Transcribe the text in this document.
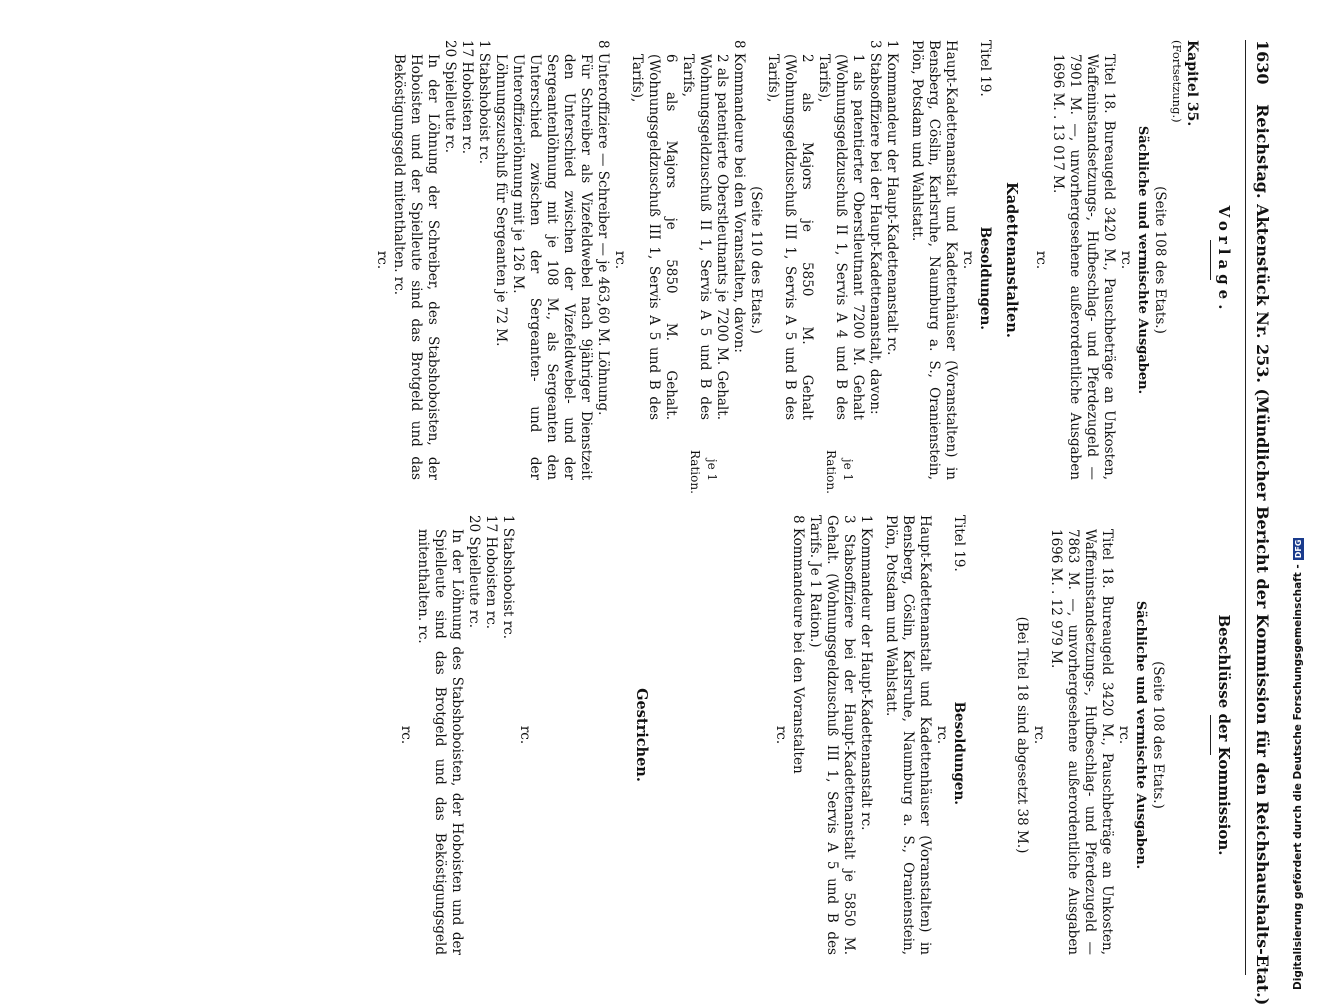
1630 Reichstag. Aktenstück Nr. 253. (Mündlicher Bericht der Kommission für den Reichshaushalts-Etat.)
Vorlage.
Kapitel 35.
(Fortsetzung.)
(Seite 108 des Etats.)
Sächliche und vermischte Ausgaben.
rc.
Titel 18. Bureaugeld 3420 M., Pauschbeträge an Unkosten, Waffeninstandsetzungs-, Hufbeschlag- und Pferdezugeld — 7901 M. —, unvorhergesehene außerordentliche Ausgaben 1696 M. . 13 017 M.
rc.
Kadettenanstalten.
Titel 19.
Besoldungen.
rc.
Haupt-Kadettenanstalt und Kadettenhäuser (Voranstalten) in Bensberg, Cöslin, Karlsruhe, Naumburg a. S., Oranienstein, Plön, Potsdam und Wahlstatt.
1 Kommandeur der Haupt-Kadettenanstalt rc.
3 Stabsoffiziere bei der Haupt-Kadettenanstalt, davon:
1 als patentierter Oberstleutnant 7200 M. Gehalt (Wohnungsgeldzuschuß II 1, Servis A 4 und B des Tarifs),
2 als Majors je 5850 M. Gehalt (Wohnungsgeldzuschuß III 1, Servis A 5 und B des Tarifs),
je 1 Ration.
(Seite 110 des Etats.)
8 Kommandeure bei den Voranstalten, davon:
2 als patentierte Oberstleutnants je 7200 M. Gehalt. Wohnungsgeldzuschuß II 1, Servis A 5 und B des Tarifs,
6 als Majors je 5850 M. Gehalt. (Wohnungsgeldzuschuß III 1, Servis A 5 und B des Tarifs),
je 1 Ration.
rc.
8 Unteroffiziere — Schreiber — je 463,60 M. Löhnung.
Für Schreiber als Vizefeldwebel nach 9jähriger Dienstzeit den Unterschied zwischen der Vizefeldwebel- und der Sergeantenlöhnung mit je 108 M., als Sergeanten den Unterschied zwischen der Sergeanten- und der Unteroffizierlöhnung mit je 126 M.
Löhnungszuschuß für Sergeanten je 72 M.
1 Stabshoboist rc.
17 Hoboisten rc.
20 Spielleute rc.
In der Löhnung der Schreiber, des Stabshoboisten, der Hoboisten und der Spielleute sind das Brotgeld und das Beköstigungsgeld mitenthalten. rc.
rc.
Beschlüsse der Kommission.
(Seite 108 des Etats.)
Sächliche und vermischte Ausgaben.
rc.
Titel 18. Bureaugeld 3420 M., Pauschbeträge an Unkosten, Waffeninstandsetzungs-, Hufbeschlag- und Pferdezugeld — 7863 M. —, unvorhergesehene außerordentliche Ausgaben 1696 M. . 12 979 M.
rc.
(Bei Titel 18 sind abgesetzt 38 M.)
Titel 19.
Besoldungen.
rc.
Haupt-Kadettenanstalt und Kadettenhäuser (Voranstalten) in Bensberg, Cöslin, Karlsruhe, Naumburg a. S., Oranienstein, Plön, Potsdam und Wahlstatt.
1 Kommandeur der Haupt-Kadettenanstalt rc.
3 Stabsoffiziere bei der Haupt-Kadettenanstalt je 5850 M. Gehalt. (Wohnungsgeldzuschuß III 1, Servis A 5 und B des Tarifs. Je 1 Ration.)
8 Kommandeure bei den Voranstalten
rc.
Gestrichen.
rc.
1 Stabshoboist rc.
17 Hoboisten rc.
20 Spielleute rc.
In der Löhnung des Stabshoboisten, der Hoboisten und der Spielleute sind das Brotgeld und das Beköstigungsgeld mitenthalten. rc.
rc.	Digitalisierung gefördert durch die Deutsche Forschungsgemeinschaft -DFG
